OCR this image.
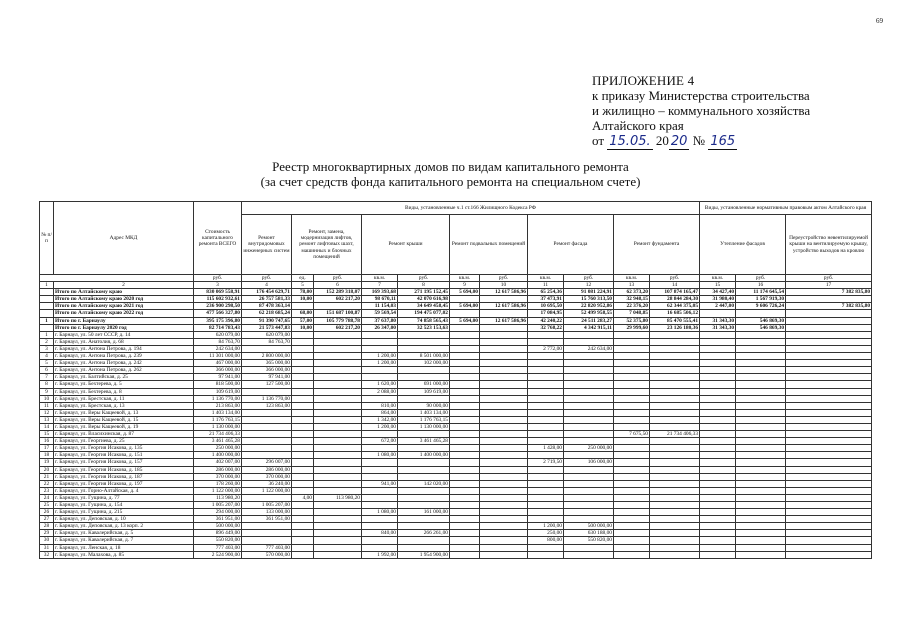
69
ПРИЛОЖЕНИЕ 4
к приказу Министерства строительства
и жилищно – коммунального хозяйства
Алтайского края
от
15.05.
20 20
№
165
Реестр многоквартирных домов по видам капитального ремонта
(за счет средств фонда капитального ремонта на специальном счете)
№ п/п	Адрес МКД	Стоимость капитального ремонта ВСЕГО	Виды, установленные ч.1 ст.166 Жилищного Кодекса РФ											Виды, установленные нормативным правовым актом Алтайского края		
			Ремонт внутридомовых инженерных систем	Ремонт, замена, модернизация лифтов, ремонт лифтовых шахт, машинных и блочных помещений		Ремонт крыши		Ремонт подвальных помещений		Ремонт фасада		Ремонт фундамента		Утепление фасадов		Переустройство невентилируемой крыши на вентилируемую крышу, устройство выходов на кровлю
		руб.	руб.	ед.	руб.	кв.м.	руб.	кв.м.	руб.	кв.м.	руб.	кв.м.	руб.	кв.м.	руб.	руб.
1	2	3	4	5	6	7	8	9	10	11	12	13	14	15	16	17
	Итого по Алтайскому краю	830 069 558,91	176 454 629,71	78,00	152 289 318,07	169 393,68	271 195 152,45	5 694,00	12 617 586,96	65 254,36	91 081 224,91	62 373,20	107 874 165,47	34 427,40	11 174 645,54	7 382 835,80
	Итого по Алтайскому краю 2020 год	115 602 932,61	26 757 581,33	10,00	602 217,20	98 670,11	42 070 616,98			37 473,91	15 760 313,50	32 948,15	28 844 284,30	31 980,40	1 567 919,30	
	Итого по Алтайскому краю 2021 год	236 900 298,50	87 478 363,14			11 154,03	34 649 458,45	5 694,00	12 617 586,96	10 695,50	22 820 952,86	22 376,20	62 344 375,05	2 447,00	9 606 726,24	7 382 835,80
	Итого по Алтайскому краю 2022 год	477 566 327,80	62 218 685,24	68,00	151 687 100,87	59 569,54	194 475 077,02			17 084,95	52 499 958,55	7 048,85	16 685 506,12			
1	Итого по г. Барнаулу	395 175 396,80	91 390 747,65	57,00	105 779 788,78	37 637,80	74 858 565,43	5 694,00	12 617 586,96	42 240,22	24 511 283,27	52 375,80	85 470 555,41	31 343,30	546 869,30	
	Итого по г. Барнаулу 2020 год	82 714 783,43	21 573 447,83	10,00	602 217,20	26 347,00	32 523 153,63			32 768,22	4 342 915,11	29 999,60	23 126 180,36	31 343,30	546 869,30	
1	г. Барнаул, ул. 50 лет СССР, д. 14	620 079,00	620 079,00													
2	г. Барнаул, ул. Анатолия, д. 68	84 763,70	84 763,70													
3	г. Барнаул, ул. Антона Петрова, д. 194	242 634,00								2 772,00	242 634,00					
4	г. Барнаул, ул. Антона Петрова, д. 239	11 301 000,00	2 800 000,00			1 200,00	8 501 000,00									
5	г. Барнаул, ул. Антона Петрова, д. 242	467 000,00	365 000,00			1 200,00	102 000,00									
6	г. Барнаул, ул. Антона Петрова, д. 262	366 000,00	366 000,00													
7	г. Барнаул, ул. Балтийская, д. 25	97 941,00	97 941,00													
8	г. Барнаул, ул. Бехтерева, д. 5	818 500,00	127 500,00			1 620,00	691 000,00									
9	г. Барнаул, ул. Бехтерева, д. 8	109 619,00				2 088,00	109 619,00									
10	г. Барнаул, ул. Брестская, д. 11	1 136 770,00	1 136 770,00													
11	г. Барнаул, ул. Брестская, д. 13	213 863,00	123 863,00			810,00	90 000,00									
12	г. Барнаул, ул. Веры Кащеевой, д. 13	1 403 134,00				864,00	1 403 134,00									
13	г. Барнаул, ул. Веры Кащеевой, д. 15	1 176 763,15				1 342,00	1 176 763,15									
14	г. Барнаул, ул. Веры Кащеевой, д. 19	1 130 000,00				1 200,00	1 130 000,00									
15	г. Барнаул, ул. Власихинская, д. 87	21 734 406,33										7 675,50	21 734 406,33			
16	г. Барнаул, ул. Георгиева, д. 25	3 461 465,28				672,00	3 461 465,28									
17	г. Барнаул, ул. Георгия Исакова, д. 135	250 000,00								1 428,00	250 000,00					
18	г. Барнаул, ул. Георгия Исакова, д. 151	1 400 000,00				1 080,00	1 400 000,00									
19	г. Барнаул, ул. Георгия Исакова, д. 157	402 007,00	296 007,00							2 719,50	106 000,00					
20	г. Барнаул, ул. Георгия Исакова, д. 185	286 000,00	286 000,00													
21	г. Барнаул, ул. Георгия Исакова, д. 187	370 000,00	370 000,00													
22	г. Барнаул, ул. Георгия Исакова, д. 197	178 260,00	36 240,00			941,00	142 020,00									
23	г. Барнаул, ул. Горно-Алтайская, д. 4	1 122 000,00	1 122 000,00													
24	г. Барнаул, ул. Гущина, д. 77	113 980,20		4,00	113 980,20											
25	г. Барнаул, ул. Гущина, д. 154	1 005 207,00	1 005 207,00													
26	г. Барнаул, ул. Гущина, д. 215	294 000,00	133 000,00			1 080,00	161 000,00									
27	г. Барнаул, ул. Деповская, д. 10	361 951,00	361 951,00													
28	г. Барнаул, ул. Деповская, д. 13 корп. 2	500 000,00								1 200,00	500 000,00					
29	г. Барнаул, ул. Кавалерийская, д. 5	896 449,00				840,00	266 261,00			250,00	630 188,00					
30	г. Барнаул, ул. Кавалерийская, д. 7	550 820,00								800,00	550 820,00					
31	г. Барнаул, ул. Ленская, д. 18	777 403,00	777 403,00													
32	г. Барнаул, ул. Малахова, д. 85	2 524 900,00	570 000,00			1 992,00	1 954 900,00									
